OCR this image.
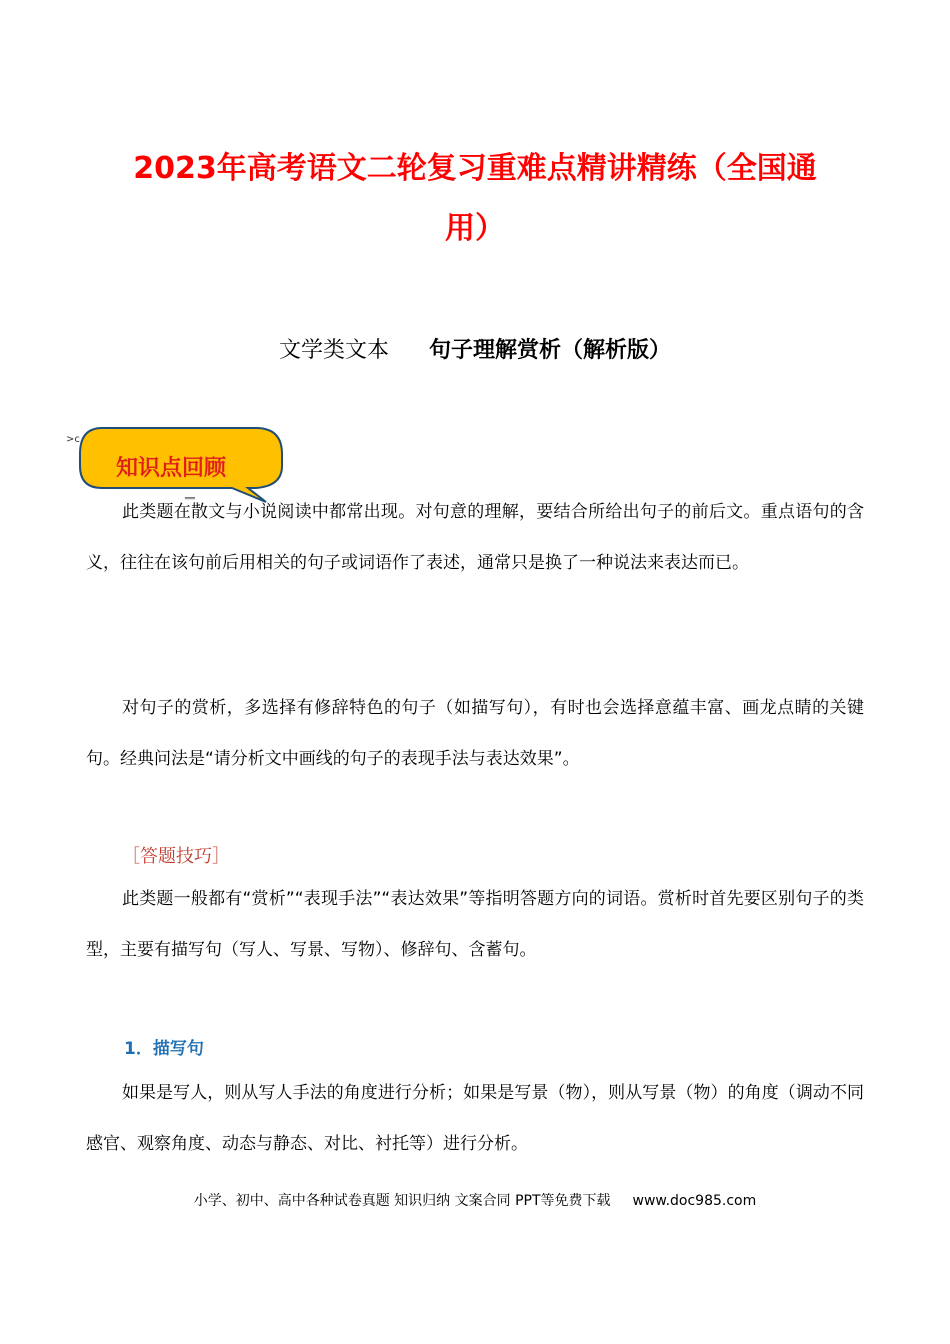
2023年高考语文二轮复习重难点精讲精练（全国通
用）
文学类文本 句子理解赏析（解析版）
>c
知识点回顾
‗‗
此类题在散文与小说阅读中都常出现。对句意的理解，要结合所给出句子的前后文。重点语句的含义，往往在该句前后用相关的句子或词语作了表述，通常只是换了一种说法来表达而已。
对句子的赏析，多选择有修辞特色的句子（如描写句），有时也会选择意蕴丰富、画龙点睛的关键句。经典问法是“请分析文中画线的句子的表现手法与表达效果”。
［答题技巧］
此类题一般都有“赏析”“表现手法”“表达效果”等指明答题方向的词语。赏析时首先要区别句子的类型，主要有描写句（写人、写景、写物）、修辞句、含蓄句。
1．描写句
如果是写人，则从写人手法的角度进行分析；如果是写景（物），则从写景（物）的角度（调动不同感官、观察角度、动态与静态、对比、衬托等）进行分析。
小学、初中、高中各种试卷真题 知识归纳 文案合同 PPT等免费下载 www.doc985.com
